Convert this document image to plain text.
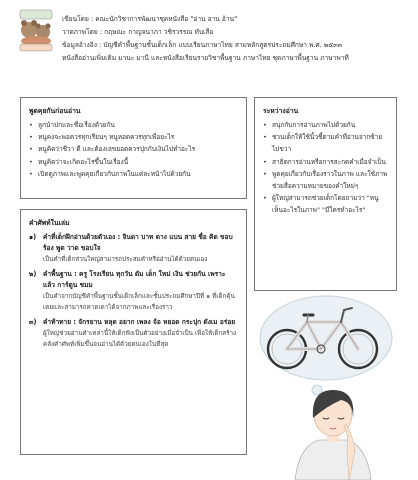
เขียนโดย : คณะนักวิชาการพัฒนาชุดหนังสือ "อ่าน อาน อ้าน"
วาดภาพโดย : กฤษณะ กาญจนาภา วชิรวรรณ ทับเสือ
ข้อมูลอ้างอิง : บัญชีคำพื้นฐานชั้นเด็กเล็ก แบบเรียนภาษาไทย สามหลักสูตรประถมศึกษา พ.ศ. ๒๕๓๓
หนังสืออ่านเพิ่มเติม มานะ มานี และหนังสือเรียนรายวิชาพื้นฐาน ภาษาไทย ชุดภาษาพื้นฐาน ภาษาพาที
พูดคุยกันก่อนอ่าน
• ลูกนำปกและชื่อเรื่องด้วยกัน
• หนูคงจะพอควรทุกเรียนๆ หนูหอดควรทุกเพื่อยะไร
• หนูคิดว่าชีวา ดี และต้องเลขยอดควรปุกกับเงินไปทำอะไร
• หนูคิดว่าจะเกิดอะไรขึ้นในเรื่องนี้
• เปิดดูภาพและพูดคุยเกี่ยวกับภาพในแต่ละหน้าไปด้วยกัน
ระหว่างอ่าน
• สนุกกับการอ่านภาพไปด้วยกัน
• ชวนเด็กให้ใช้นิ้วชี้ตามคำที่อ่านจากซ้ายไปขวา
• สาธิตการอ่านหรือการสะกดคำเมื่อจำเป็น
• พูดคุยเกี่ยวกับเรื่องราวในภาพ และใช้ภาพช่วยสื่อความหมายของคำใหม่ๆ
• ผู้ใหญ่สามารถช่วยเด็กโดยถามว่า "หนูเห็นอะไรในภาพ" "มีใครทำอะไร"
คำศัพท์ในเล่ม
๑) คำที่เด็กฝึกอ่านด้วยตัวเอง : จินดา บาท ตาง แบน สาย ชื่อ คิด ขอบ ร้อง พูด วาด ขอบใจ
เป็นคำที่เด็กส่วนใหญ่สามารถประสมคำหรืออ่านได้ด้วยตนเอง
๒) คำพื้นฐาน : ครู โรงเรียน ทุกวัน ดัม เด็ก ใหม่ เงิน ช่วยกัน เพราะ แล้ว การ์ตูน ชมม
เป็นคำจากบัญชีคำพื้นฐานชั้นเด็กเล็กและชั้นประถมศึกษาปีที่ ๑ ที่เด็กคุ้นเคยและสามารถคาดเดาได้จากภาพและเรื่องราว
๓) คำท้าทาย : จักรยาน หลุด อยาก เพลง จ้อ หยอด กระปุก ดังเม อร่อย
ผู้ใหญ่ช่วยอ่านคำเหล่านี้ให้เด็กฟังเป็นตัวอย่างเมื่อจำเป็น เพื่อให้เด็กสร้างคลังคำศัพท์เพิ่มขึ้นจนอ่านได้ด้วยตนเองในที่สุด
